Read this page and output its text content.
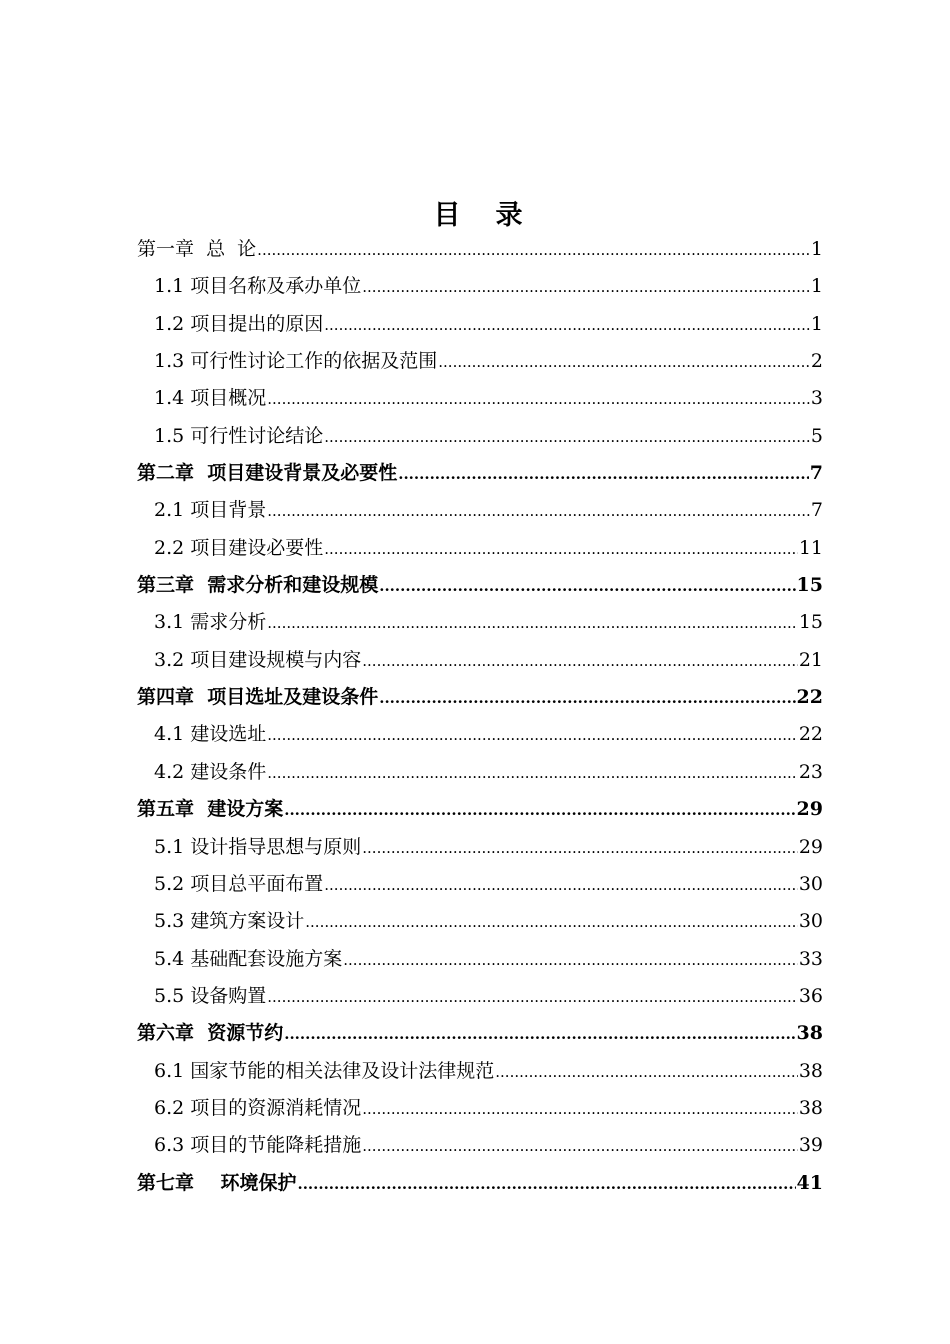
目　录
第一章  总  论 .....	1
1.1 项目名称及承办单位 .....	1
1.2 项目提出的原因 .....	1
1.3 可行性讨论工作的依据及范围 .....	2
1.4 项目概况 .....	3
1.5 可行性讨论结论 .....	5
第二章  项目建设背景及必要性 .....	7
2.1 项目背景 .....	7
2.2 项目建设必要性 .....	11
第三章  需求分析和建设规模 .....	15
3.1 需求分析 .....	15
3.2 项目建设规模与内容 .....	21
第四章  项目选址及建设条件 .....	22
4.1 建设选址 .....	22
4.2 建设条件 .....	23
第五章  建设方案 .....	29
5.1 设计指导思想与原则 .....	29
5.2 项目总平面布置 .....	30
5.3 建筑方案设计 .....	30
5.4 基础配套设施方案 .....	33
5.5 设备购置 .....	36
第六章  资源节约 .....	38
6.1 国家节能的相关法律及设计法律规范 .....	38
6.2 项目的资源消耗情况 .....	38
6.3 项目的节能降耗措施 .....	39
第七章    环境保护 .....	41
